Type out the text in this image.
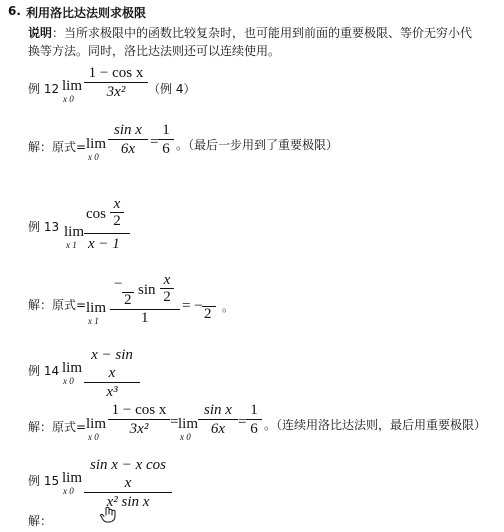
6. 利用洛比达法则求极限
说明 ：当所求极限中的函数比较复杂时，也可能用到前面的重要极限、等价无穷小代
换等方法。同时，洛比达法则还可以连续使用。
例 12 lim
x 0
1 − cos x
3x²	（例 4）
解：原式= lim
x 0
sin x
6x =
1
6 。（最后一步用到了重要极限）
例 13 lim
x 1
cos
x
2
x − 1
解：原式= lim
x 1
−
2
sin
x
2
1
= − 2 。
例 14 lim
x 0
x − sin x
x³
解：原式= lim
x 0
1 − cos x
3x²	= lim
x 0
sin x
6x =
1
6 。（连续用洛比达法则，最后用重要极限）
例 15 lim
x 0
sin x − x cos x
x² sin x
解：
